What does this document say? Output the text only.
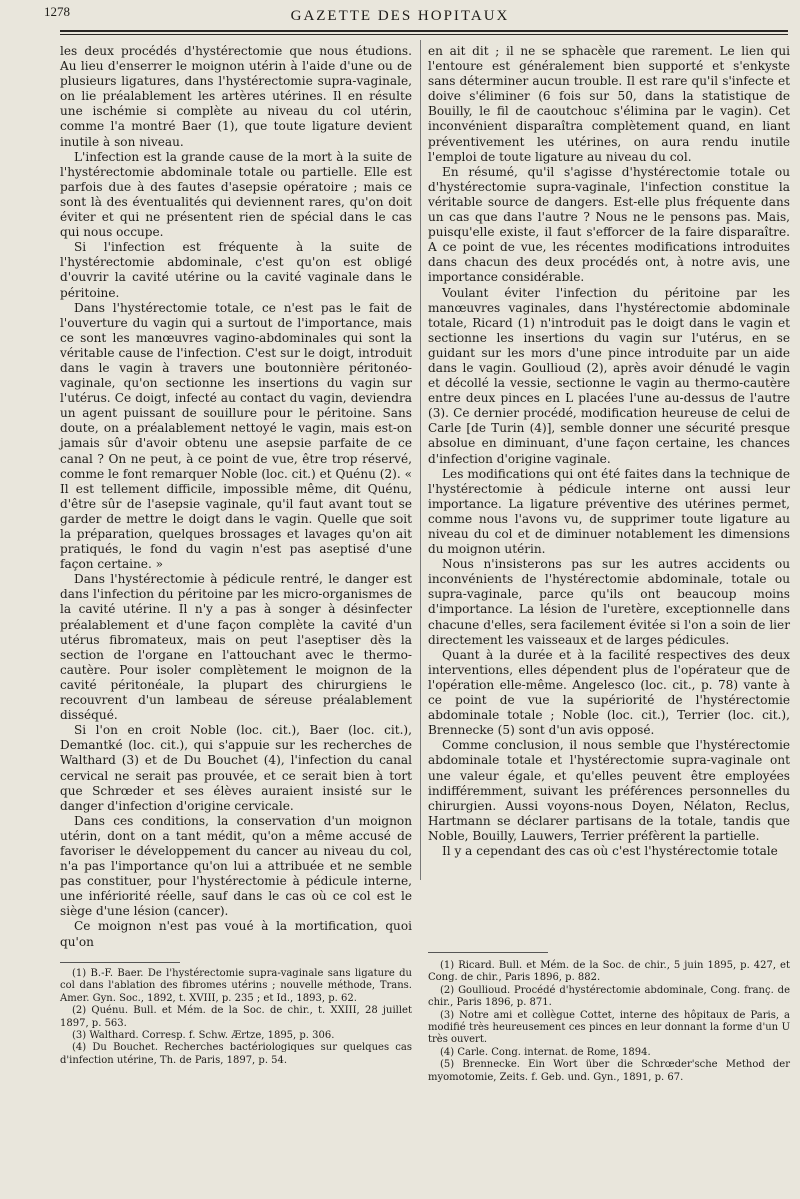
1278	GAZETTE DES HOPITAUX

les deux procédés d'hystérectomie que nous étudions. Au lieu d'enserrer le moignon utérin à l'aide d'une ou de plusieurs ligatures, dans l'hystérectomie supra-vaginale, on lie préalablement les artères utérines. Il en résulte une ischémie si complète au niveau du col utérin, comme l'a montré Baer (1), que toute ligature devient inutile à son niveau.

L'infection est la grande cause de la mort à la suite de l'hystérectomie abdominale totale ou partielle. Elle est parfois due à des fautes d'asepsie opératoire ; mais ce sont là des éventualités qui deviennent rares, qu'on doit éviter et qui ne présentent rien de spécial dans le cas qui nous occupe.

Si l'infection est fréquente à la suite de l'hystérectomie abdominale, c'est qu'on est obligé d'ouvrir la cavité utérine ou la cavité vaginale dans le péritoine.

Dans l'hystérectomie totale, ce n'est pas le fait de l'ouverture du vagin qui a surtout de l'importance, mais ce sont les manœuvres vagino-abdominales qui sont la véritable cause de l'infection. C'est sur le doigt, introduit dans le vagin à travers une boutonnière péritonéo-vaginale, qu'on sectionne les insertions du vagin sur l'utérus. Ce doigt, infecté au contact du vagin, deviendra un agent puissant de souillure pour le péritoine. Sans doute, on a préalablement nettoyé le vagin, mais est-on jamais sûr d'avoir obtenu une asepsie parfaite de ce canal ? On ne peut, à ce point de vue, être trop réservé, comme le font remarquer Noble (loc. cit.) et Quénu (2). « Il est tellement difficile, impossible même, dit Quénu, d'être sûr de l'asepsie vaginale, qu'il faut avant tout se garder de mettre le doigt dans le vagin. Quelle que soit la préparation, quelques brossages et lavages qu'on ait pratiqués, le fond du vagin n'est pas aseptisé d'une façon certaine. »

Dans l'hystérectomie à pédicule rentré, le danger est dans l'infection du péritoine par les micro-organismes de la cavité utérine. Il n'y a pas à songer à désinfecter préalablement et d'une façon complète la cavité d'un utérus fibromateux, mais on peut l'aseptiser dès la section de l'organe en l'attouchant avec le thermo-cautère. Pour isoler complètement le moignon de la cavité péritonéale, la plupart des chirurgiens le recouvrent d'un lambeau de séreuse préalablement disséqué.

Si l'on en croit Noble (loc. cit.), Baer (loc. cit.), Demantké (loc. cit.), qui s'appuie sur les recherches de Walthard (3) et de Du Bouchet (4), l'infection du canal cervical ne serait pas prouvée, et ce serait bien à tort que Schrœder et ses élèves auraient insisté sur le danger d'infection d'origine cervicale.

Dans ces conditions, la conservation d'un moignon utérin, dont on a tant médit, qu'on a même accusé de favoriser le développement du cancer au niveau du col, n'a pas l'importance qu'on lui a attribuée et ne semble pas constituer, pour l'hystérectomie à pédicule interne, une infériorité réelle, sauf dans le cas où ce col est le siège d'une lésion (cancer).

Ce moignon n'est pas voué à la mortification, quoi qu'on

en ait dit ; il ne se sphacèle que rarement. Le lien qui l'entoure est généralement bien supporté et s'enkyste sans déterminer aucun trouble. Il est rare qu'il s'infecte et doive s'éliminer (6 fois sur 50, dans la statistique de Bouilly, le fil de caoutchouc s'élimina par le vagin). Cet inconvénient disparaîtra complètement quand, en liant préventivement les utérines, on aura rendu inutile l'emploi de toute ligature au niveau du col.

En résumé, qu'il s'agisse d'hystérectomie totale ou d'hystérectomie supra-vaginale, l'infection constitue la véritable source de dangers. Est-elle plus fréquente dans un cas que dans l'autre ? Nous ne le pensons pas. Mais, puisqu'elle existe, il faut s'efforcer de la faire disparaître. A ce point de vue, les récentes modifications introduites dans chacun des deux procédés ont, à notre avis, une importance considérable.

Voulant éviter l'infection du péritoine par les manœuvres vaginales, dans l'hystérectomie abdominale totale, Ricard (1) n'introduit pas le doigt dans le vagin et sectionne les insertions du vagin sur l'utérus, en se guidant sur les mors d'une pince introduite par un aide dans le vagin. Goullioud (2), après avoir dénudé le vagin et décollé la vessie, sectionne le vagin au thermo-cautère entre deux pinces en L placées l'une au-dessus de l'autre (3). Ce dernier procédé, modification heureuse de celui de Carle [de Turin (4)], semble donner une sécurité presque absolue en diminuant, d'une façon certaine, les chances d'infection d'origine vaginale.

Les modifications qui ont été faites dans la technique de l'hystérectomie à pédicule interne ont aussi leur importance. La ligature préventive des utérines permet, comme nous l'avons vu, de supprimer toute ligature au niveau du col et de diminuer notablement les dimensions du moignon utérin.

Nous n'insisterons pas sur les autres accidents ou inconvénients de l'hystérectomie abdominale, totale ou supra-vaginale, parce qu'ils ont beaucoup moins d'importance. La lésion de l'uretère, exceptionnelle dans chacune d'elles, sera facilement évitée si l'on a soin de lier directement les vaisseaux et de larges pédicules.

Quant à la durée et à la facilité respectives des deux interventions, elles dépendent plus de l'opérateur que de l'opération elle-même. Angelesco (loc. cit., p. 78) vante à ce point de vue la supériorité de l'hystérectomie abdominale totale ; Noble (loc. cit.), Terrier (loc. cit.), Brennecke (5) sont d'un avis opposé.

Comme conclusion, il nous semble que l'hystérectomie abdominale totale et l'hystérectomie supra-vaginale ont une valeur égale, et qu'elles peuvent être employées indifféremment, suivant les préférences personnelles du chirurgien. Aussi voyons-nous Doyen, Nélaton, Reclus, Hartmann se déclarer partisans de la totale, tandis que Noble, Bouilly, Lauwers, Terrier préfèrent la partielle.

Il y a cependant des cas où c'est l'hystérectomie totale

(1) B.-F. Baer. De l'hystérectomie supra-vaginale sans ligature du col dans l'ablation des fibromes utérins ; nouvelle méthode, Trans. Amer. Gyn. Soc., 1892, t. XVIII, p. 235 ; et Id., 1893, p. 62.

(2) Quénu. Bull. et Mém. de la Soc. de chir., t. XXIII, 28 juillet 1897, p. 563.

(3) Walthard. Corresp. f. Schw. Ærtze, 1895, p. 306.

(4) Du Bouchet. Recherches bactériologiques sur quelques cas d'infection utérine, Th. de Paris, 1897, p. 54.

(1) Ricard. Bull. et Mém. de la Soc. de chir., 5 juin 1895, p. 427, et Cong. de chir., Paris 1896, p. 882.

(2) Goullioud. Procédé d'hystérectomie abdominale, Cong. franç. de chir., Paris 1896, p. 871.

(3) Notre ami et collègue Cottet, interne des hôpitaux de Paris, a modifié très heureusement ces pinces en leur donnant la forme d'un U très ouvert.

(4) Carle. Cong. internat. de Rome, 1894.

(5) Brennecke. Ein Wort über die Schrœder'sche Method der myomotomie, Zeits. f. Geb. und. Gyn., 1891, p. 67.
